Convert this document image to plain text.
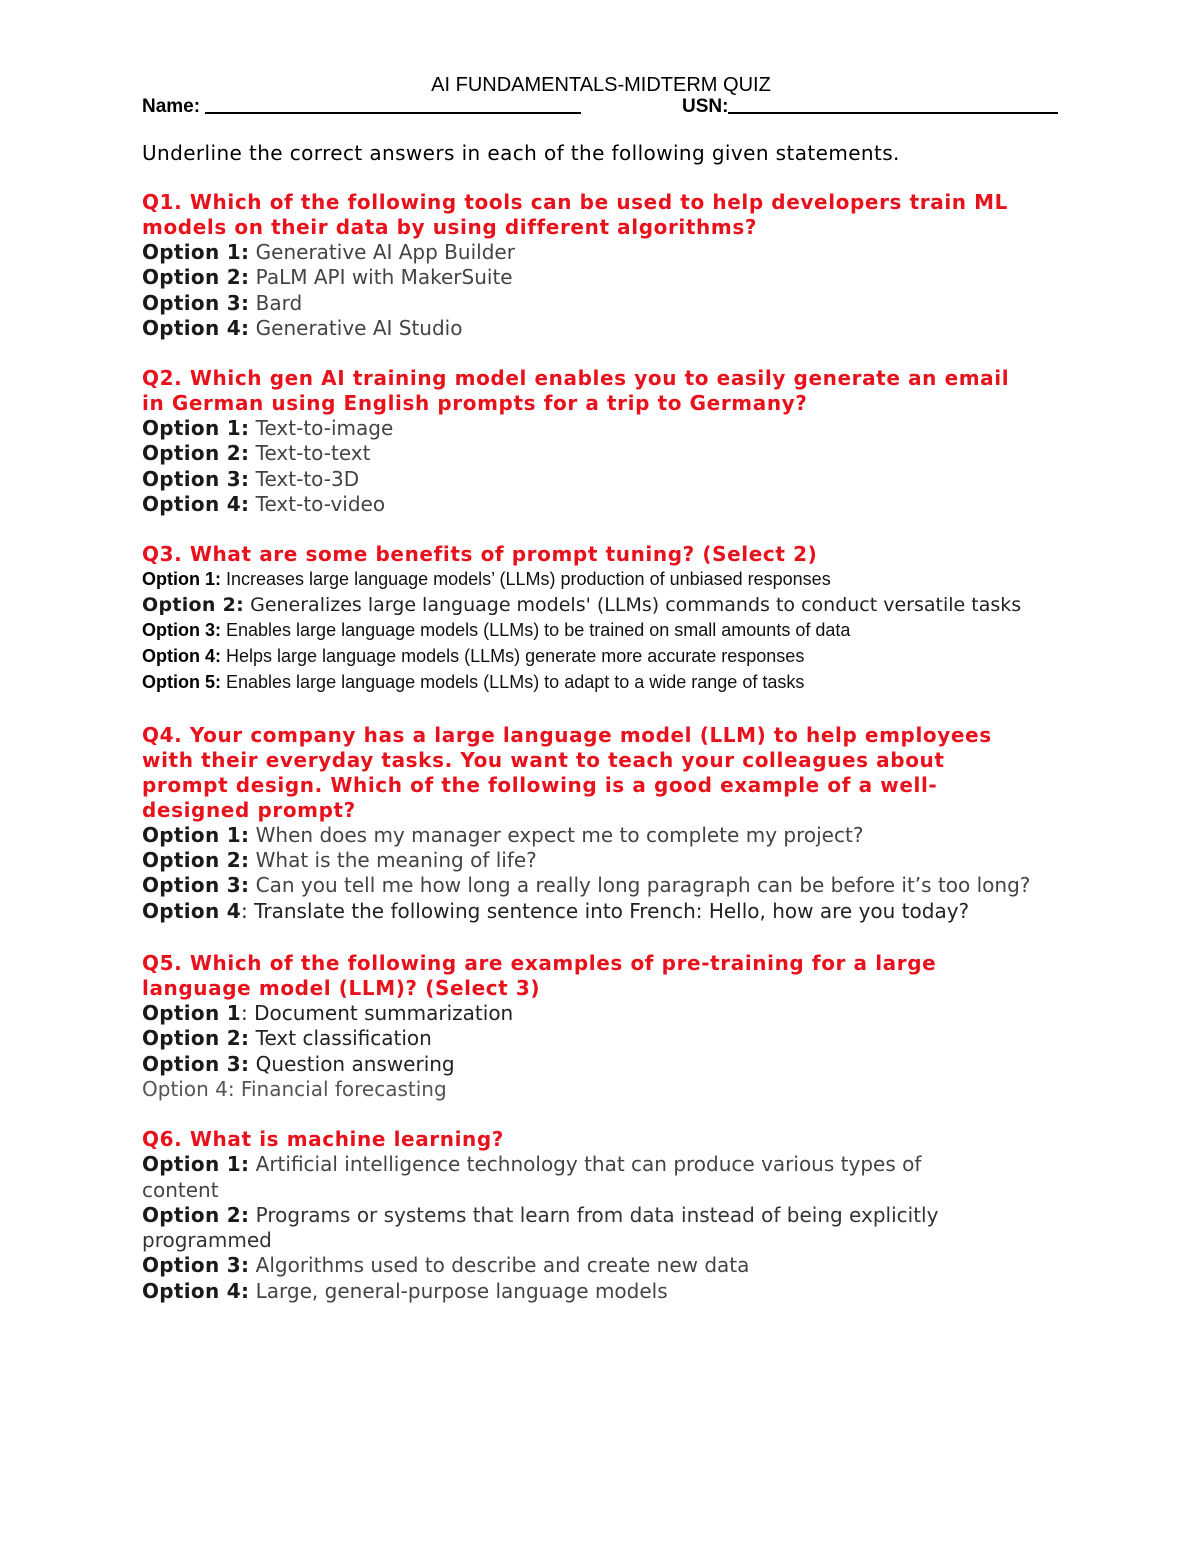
AI FUNDAMENTALS-MIDTERM QUIZ
Name:	USN:
Underline the correct answers in each of the following given statements.
Q1. Which of the following tools can be used to help developers train ML
models on their data by using different algorithms?
Option 1: Generative AI App Builder
Option 2: PaLM API with MakerSuite
Option 3: Bard
Option 4: Generative AI Studio
Q2. Which gen AI training model enables you to easily generate an email
in German using English prompts for a trip to Germany?
Option 1: Text-to-image
Option 2: Text-to-text
Option 3: Text-to-3D
Option 4: Text-to-video
Q3. What are some benefits of prompt tuning? (Select 2)
Option 1: Increases large language models’ (LLMs) production of unbiased responses
Option 2: Generalizes large language models' (LLMs) commands to conduct versatile tasks
Option 3: Enables large language models (LLMs) to be trained on small amounts of data
Option 4: Helps large language models (LLMs) generate more accurate responses
Option 5: Enables large language models (LLMs) to adapt to a wide range of tasks
Q4. Your company has a large language model (LLM) to help employees
with their everyday tasks. You want to teach your colleagues about
prompt design. Which of the following is a good example of a well-
designed prompt?
Option 1: When does my manager expect me to complete my project?
Option 2: What is the meaning of life?
Option 3: Can you tell me how long a really long paragraph can be before it’s too long?
Option 4: Translate the following sentence into French: Hello, how are you today?
Q5. Which of the following are examples of pre-training for a large
language model (LLM)? (Select 3)
Option 1: Document summarization
Option 2: Text classification
Option 3: Question answering
Option 4: Financial forecasting
Q6. What is machine learning?
Option 1: Artificial intelligence technology that can produce various types of content
Option 2: Programs or systems that learn from data instead of being explicitly programmed
Option 3: Algorithms used to describe and create new data
Option 4: Large, general-purpose language models
